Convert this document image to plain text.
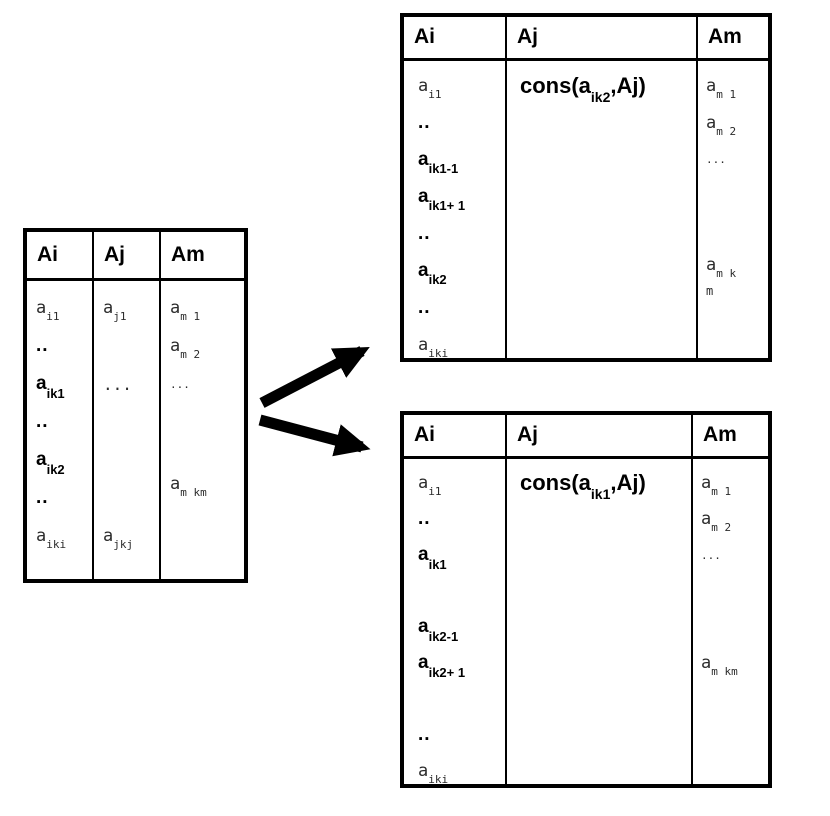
Ai
$a_{i1}$
..
$a_{ik1}$
..
$a_{ik2}$
..
$a_{iki}$
Aj
$a_{j1}$
...
$a_{jkj}$
Am
$a_{m 1}$
$a_{m 2}$
...
$a_{m km}$
Ai
$a_{i1}$
..
$a_{ik1-1}$
$a_{ik1+ 1}$
..
$a_{ik2}$
..
$a_{iki}$
Aj
$cons(a_{ik2},Aj)$
Am
$a_{m 1}$
$a_{m 2}$
...
$a_{m k}$
m
Ai
$a_{i1}$
..
$a_{ik1}$
$a_{ik2-1}$
$a_{ik2+ 1}$
..
$a_{iki}$
Aj
$cons(a_{ik1},Aj)$
Am
$a_{m 1}$
$a_{m 2}$
...
$a_{m km}$
